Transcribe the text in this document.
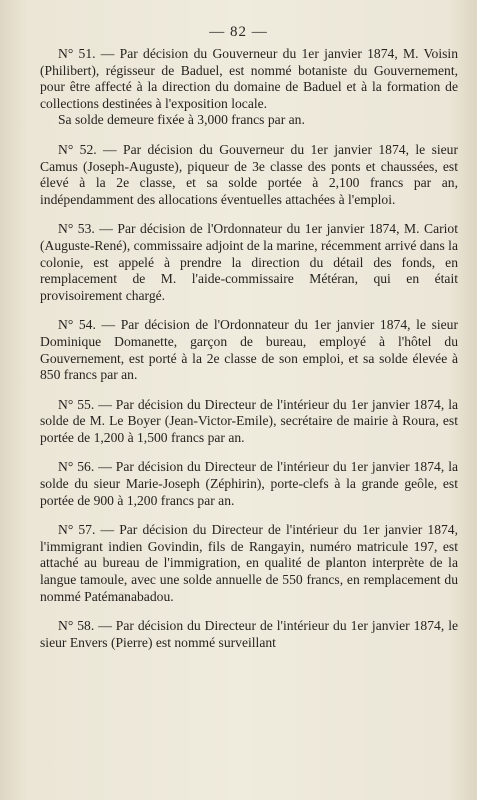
— 82 —

N° 51. — Par décision du Gouverneur du 1er janvier 1874, M. Voisin (Philibert), régisseur de Baduel, est nommé botaniste du Gouvernement, pour être affecté à la direction du domaine de Baduel et à la formation de collections destinées à l'exposition locale.

Sa solde demeure fixée à 3,000 francs par an.

N° 52. — Par décision du Gouverneur du 1er janvier 1874, le sieur Camus (Joseph-Auguste), piqueur de 3e classe des ponts et chaussées, est élevé à la 2e classe, et sa solde portée à 2,100 francs par an, indépendamment des allocations éventuelles attachées à l'emploi.

N° 53. — Par décision de l'Ordonnateur du 1er janvier 1874, M. Cariot (Auguste-René), commissaire adjoint de la marine, récemment arrivé dans la colonie, est appelé à prendre la direction du détail des fonds, en remplacement de M. l'aide-commissaire Météran, qui en était provisoirement chargé.

N° 54. — Par décision de l'Ordonnateur du 1er janvier 1874, le sieur Dominique Domanette, garçon de bureau, employé à l'hôtel du Gouvernement, est porté à la 2e classe de son emploi, et sa solde élevée à 850 francs par an.

N° 55. — Par décision du Directeur de l'intérieur du 1er janvier 1874, la solde de M. Le Boyer (Jean-Victor-Emile), secrétaire de mairie à Roura, est portée de 1,200 à 1,500 francs par an.

N° 56. — Par décision du Directeur de l'intérieur du 1er janvier 1874, la solde du sieur Marie-Joseph (Zéphirin), porte-clefs à la grande geôle, est portée de 900 à 1,200 francs par an.

N° 57. — Par décision du Directeur de l'intérieur du 1er janvier 1874, l'immigrant indien Govindin, fils de Rangayin, numéro matricule 197, est attaché au bureau de l'immigration, en qualité de planton interprète de la langue tamoule, avec une solde annuelle de 550 francs, en remplacement du nommé Patémanabadou.

N° 58. — Par décision du Directeur de l'intérieur du 1er janvier 1874, le sieur Envers (Pierre) est nommé surveillant
